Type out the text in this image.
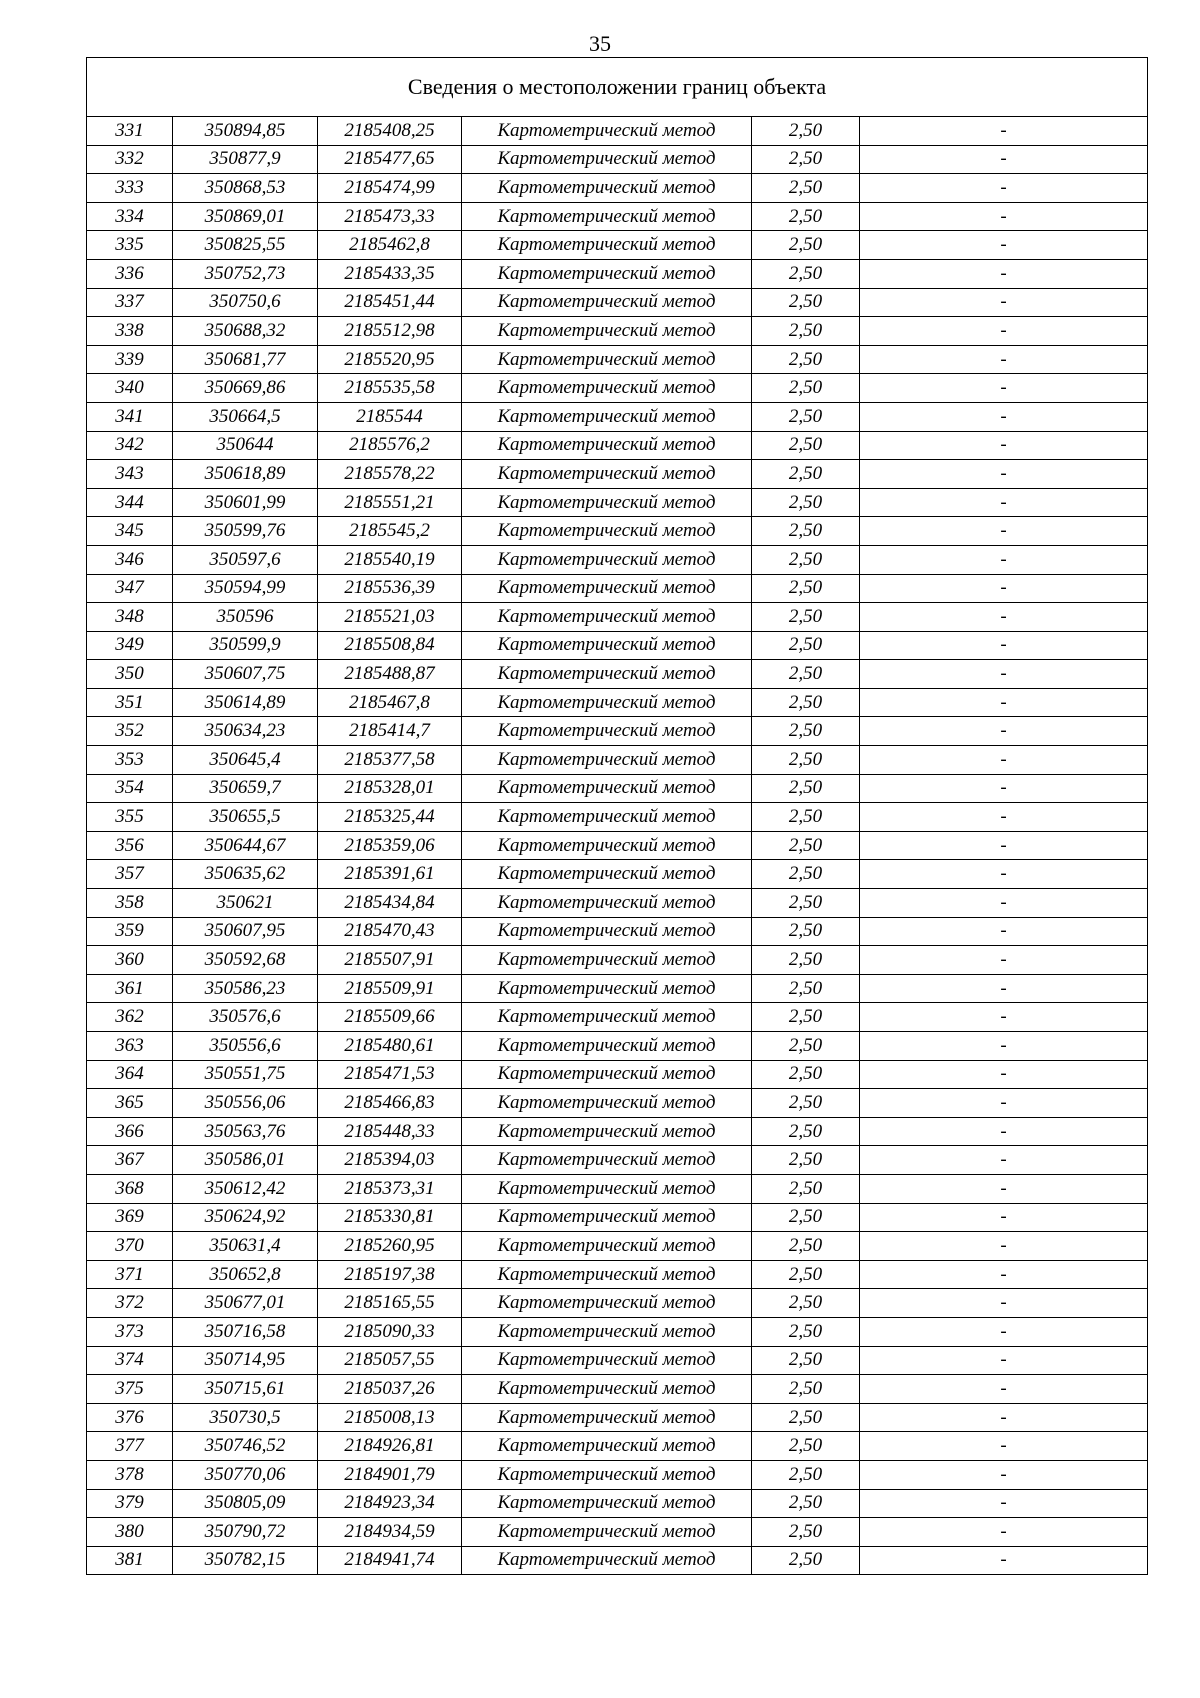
35
Сведения о местоположении границ объекта					
331	350894,85	2185408,25	Картометрический метод	2,50	-
332	350877,9	2185477,65	Картометрический метод	2,50	-
333	350868,53	2185474,99	Картометрический метод	2,50	-
334	350869,01	2185473,33	Картометрический метод	2,50	-
335	350825,55	2185462,8	Картометрический метод	2,50	-
336	350752,73	2185433,35	Картометрический метод	2,50	-
337	350750,6	2185451,44	Картометрический метод	2,50	-
338	350688,32	2185512,98	Картометрический метод	2,50	-
339	350681,77	2185520,95	Картометрический метод	2,50	-
340	350669,86	2185535,58	Картометрический метод	2,50	-
341	350664,5	2185544	Картометрический метод	2,50	-
342	350644	2185576,2	Картометрический метод	2,50	-
343	350618,89	2185578,22	Картометрический метод	2,50	-
344	350601,99	2185551,21	Картометрический метод	2,50	-
345	350599,76	2185545,2	Картометрический метод	2,50	-
346	350597,6	2185540,19	Картометрический метод	2,50	-
347	350594,99	2185536,39	Картометрический метод	2,50	-
348	350596	2185521,03	Картометрический метод	2,50	-
349	350599,9	2185508,84	Картометрический метод	2,50	-
350	350607,75	2185488,87	Картометрический метод	2,50	-
351	350614,89	2185467,8	Картометрический метод	2,50	-
352	350634,23	2185414,7	Картометрический метод	2,50	-
353	350645,4	2185377,58	Картометрический метод	2,50	-
354	350659,7	2185328,01	Картометрический метод	2,50	-
355	350655,5	2185325,44	Картометрический метод	2,50	-
356	350644,67	2185359,06	Картометрический метод	2,50	-
357	350635,62	2185391,61	Картометрический метод	2,50	-
358	350621	2185434,84	Картометрический метод	2,50	-
359	350607,95	2185470,43	Картометрический метод	2,50	-
360	350592,68	2185507,91	Картометрический метод	2,50	-
361	350586,23	2185509,91	Картометрический метод	2,50	-
362	350576,6	2185509,66	Картометрический метод	2,50	-
363	350556,6	2185480,61	Картометрический метод	2,50	-
364	350551,75	2185471,53	Картометрический метод	2,50	-
365	350556,06	2185466,83	Картометрический метод	2,50	-
366	350563,76	2185448,33	Картометрический метод	2,50	-
367	350586,01	2185394,03	Картометрический метод	2,50	-
368	350612,42	2185373,31	Картометрический метод	2,50	-
369	350624,92	2185330,81	Картометрический метод	2,50	-
370	350631,4	2185260,95	Картометрический метод	2,50	-
371	350652,8	2185197,38	Картометрический метод	2,50	-
372	350677,01	2185165,55	Картометрический метод	2,50	-
373	350716,58	2185090,33	Картометрический метод	2,50	-
374	350714,95	2185057,55	Картометрический метод	2,50	-
375	350715,61	2185037,26	Картометрический метод	2,50	-
376	350730,5	2185008,13	Картометрический метод	2,50	-
377	350746,52	2184926,81	Картометрический метод	2,50	-
378	350770,06	2184901,79	Картометрический метод	2,50	-
379	350805,09	2184923,34	Картометрический метод	2,50	-
380	350790,72	2184934,59	Картометрический метод	2,50	-
381	350782,15	2184941,74	Картометрический метод	2,50	-
